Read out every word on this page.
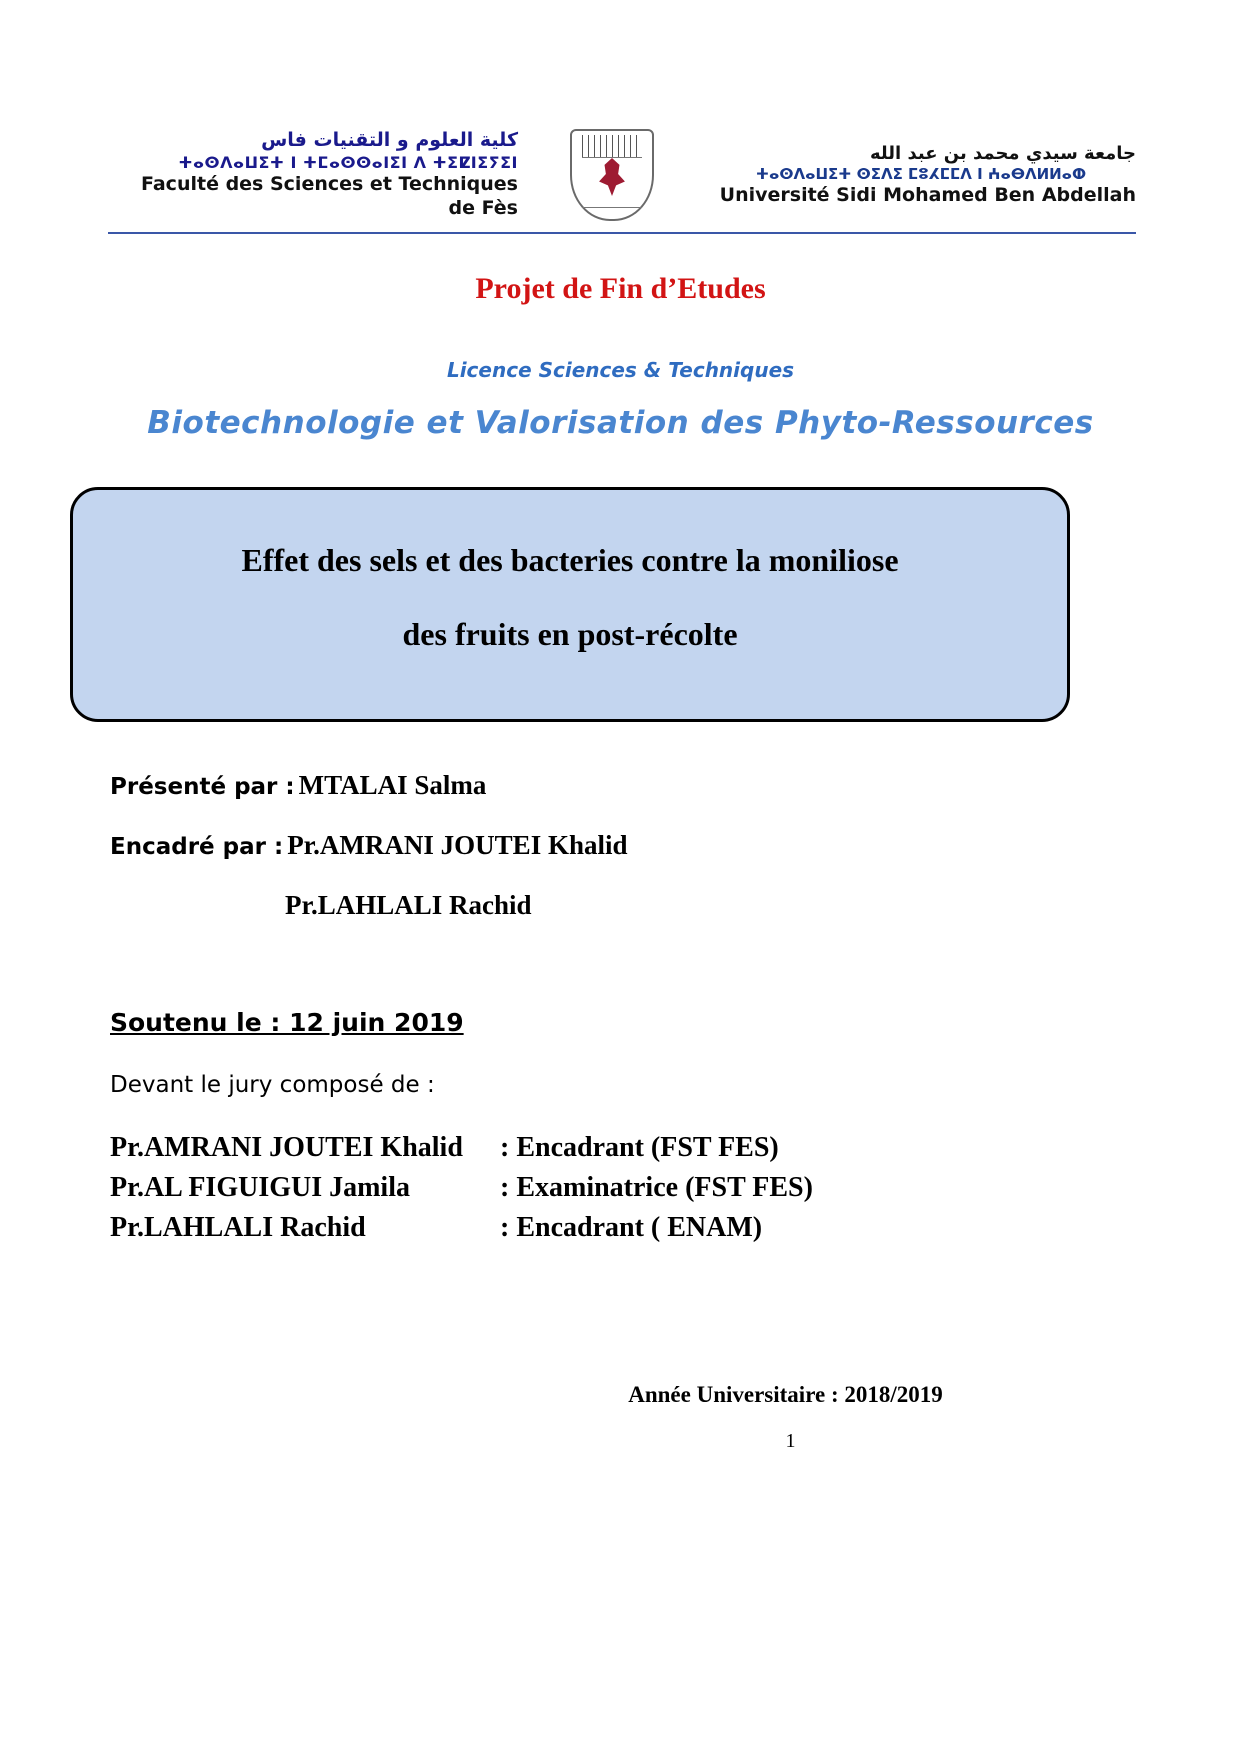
كلية العلوم و التقنيات فاس
ⵜⴰⵙⴷⴰⵡⵉⵜ ⵏ ⵜⵎⴰⵙⵙⴰⵏⵉⵏ ⴷ ⵜⵉⵇⵏⵉⵢⵉⵏ
Faculté des Sciences et Techniques de Fès
جامعة سيدي محمد بن عبد الله
ⵜⴰⵙⴷⴰⵡⵉⵜ ⵙⵉⴷⵉ ⵎⵓⵃⵎⵎⴷ ⵏ ⵄⴰⴱⴷⵍⵍⴰⵀ
Université Sidi Mohamed Ben Abdellah
Projet de Fin d’Etudes
Licence Sciences & Techniques
Biotechnologie et Valorisation des Phyto-Ressources
Effet des sels et des bacteries contre la moniliose
des fruits en post-récolte
Présenté par : MTALAI Salma
Encadré par : Pr.AMRANI JOUTEI Khalid
Pr.LAHLALI Rachid
Soutenu le : 12 juin 2019
Devant le jury composé de :
Pr.AMRANI JOUTEI Khalid	: Encadrant (FST FES)
Pr.AL FIGUIGUI Jamila	: Examinatrice (FST FES)
Pr.LAHLALI Rachid	: Encadrant ( ENAM)
Année Universitaire : 2018/2019
1
